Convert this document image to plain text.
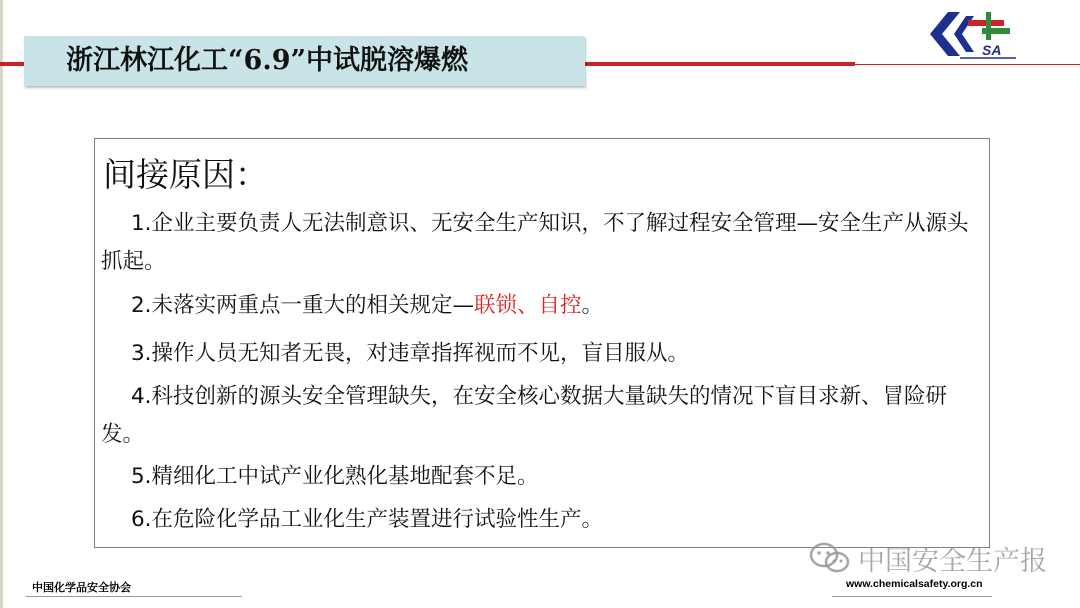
浙江林江化工“6.9”中试脱溶爆燃	SA
间接原因：
1.企业主要负责人无法制意识、无安全生产知识，不了解过程安全管理—安全生产从源头抓起。
2.未落实两重点一重大的相关规定—联锁、自控。
3.操作人员无知者无畏，对违章指挥视而不见，盲目服从。
4.科技创新的源头安全管理缺失，在安全核心数据大量缺失的情况下盲目求新、冒险研发。
5.精细化工中试产业化熟化基地配套不足。
6.在危险化学品工业化生产装置进行试验性生产。
中国安全生产报
中国化学品安全协会	www.chemicalsafety.org.cn
